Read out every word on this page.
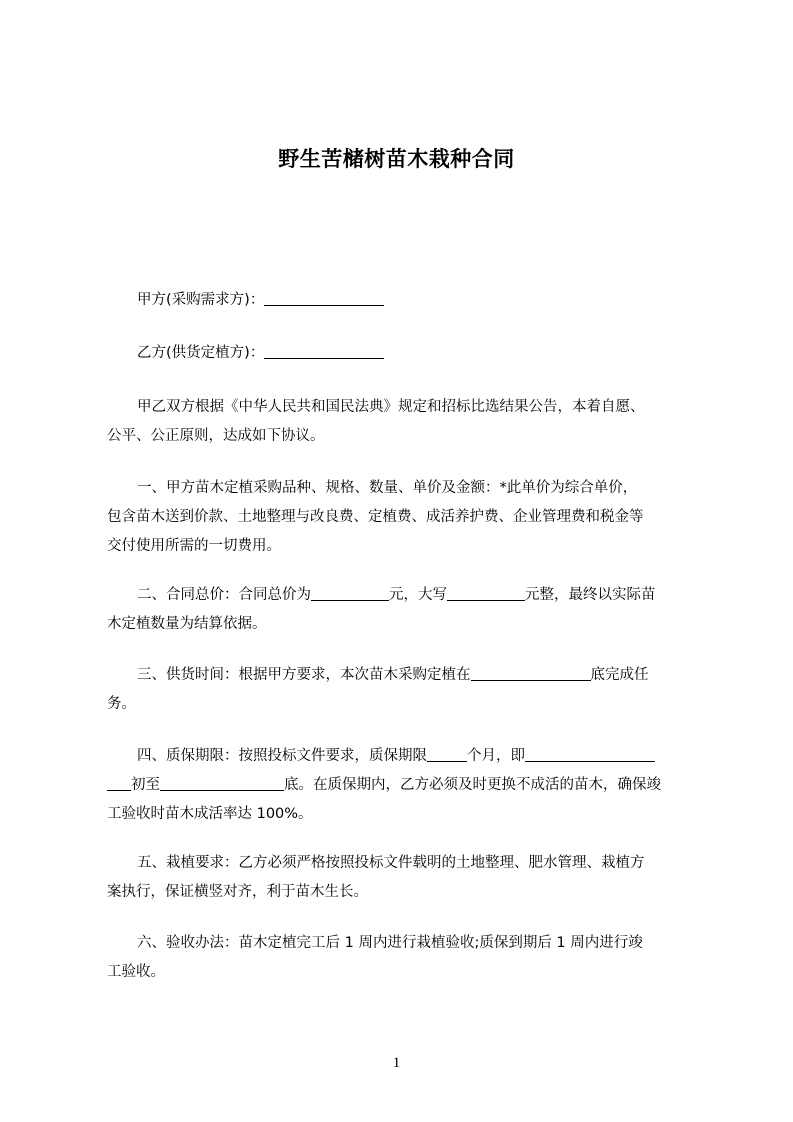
野生苦槠树苗木栽种合同
甲方(采购需求方)：
乙方(供货定植方)：
甲乙双方根据《中华人民共和国民法典》规定和招标比选结果公告，本着自愿、
公平、公正原则，达成如下协议。
一、甲方苗木定植采购品种、规格、数量、单价及金额：*此单价为综合单价，
包含苗木送到价款、土地整理与改良费、定植费、成活养护费、企业管理费和税金等
交付使用所需的一切费用。
二、合同总价：合同总价为	元，大写	元整，最终以实际苗
木定植数量为结算依据。
三、供货时间：根据甲方要求，本次苗木采购定植在	底完成任
务。
四、质保期限：按照投标文件要求，质保期限	个月，即
初至	底。在质保期内，乙方必须及时更换不成活的苗木，确保竣
工验收时苗木成活率达 100%。
五、栽植要求：乙方必须严格按照投标文件载明的土地整理、肥水管理、栽植方
案执行，保证横竖对齐，利于苗木生长。
六、验收办法：苗木定植完工后 1 周内进行栽植验收;质保到期后 1 周内进行竣
工验收。
1
